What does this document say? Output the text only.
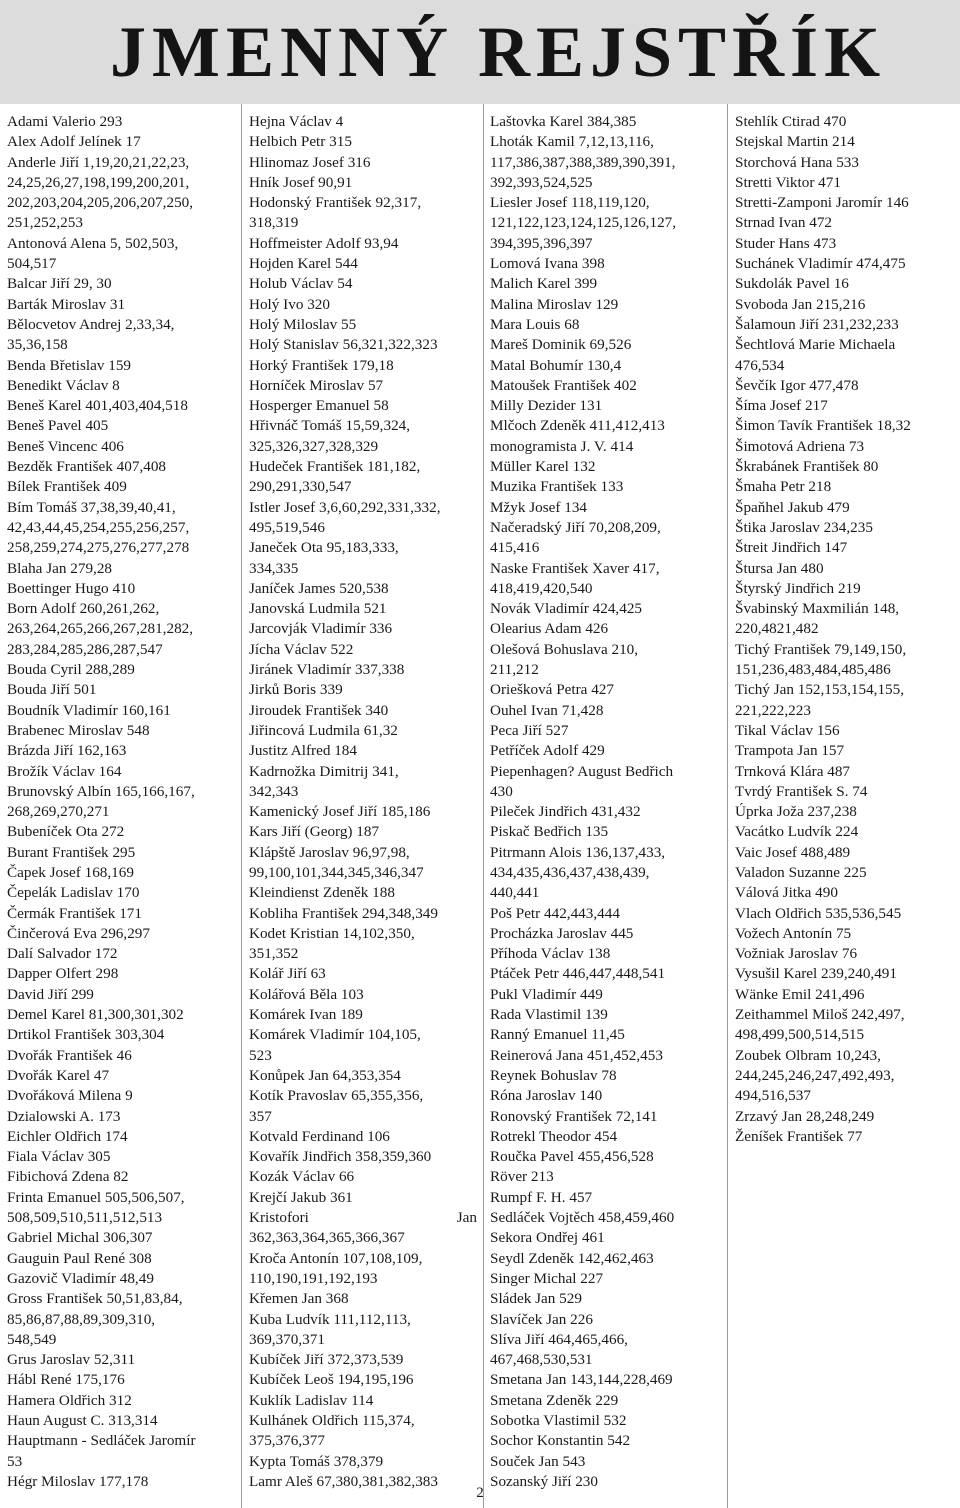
JMENNÝ REJSTŘÍK
Adami Valerio 293
Alex Adolf Jelínek 17
Anderle Jiří 1,19,20,21,22,23,
24,25,26,27,198,199,200,201,
202,203,204,205,206,207,250,
251,252,253
Antonová Alena 5, 502,503,
504,517
Balcar Jiří 29, 30
Barták Miroslav 31
Bělocvetov Andrej 2,33,34,
35,36,158
Benda Břetislav 159
Benedikt Václav 8
Beneš Karel 401,403,404,518
Beneš Pavel 405
Beneš Vincenc 406
Bezděk František 407,408
Bílek František 409
Bím Tomáš 37,38,39,40,41,
42,43,44,45,254,255,256,257,
258,259,274,275,276,277,278
Blaha Jan 279,28
Boettinger Hugo 410
Born Adolf 260,261,262,
263,264,265,266,267,281,282,
283,284,285,286,287,547
Bouda Cyril 288,289
Bouda Jiří 501
Boudník Vladimír 160,161
Brabenec Miroslav 548
Brázda Jiří 162,163
Brožík Václav 164
Brunovský Albín 165,166,167,
268,269,270,271
Bubeníček Ota 272
Burant František 295
Čapek Josef 168,169
Čepelák Ladislav 170
Čermák František 171
Činčerová Eva 296,297
Dalí Salvador 172
Dapper Olfert 298
David Jiří 299
Demel Karel 81,300,301,302
Drtikol František 303,304
Dvořák František 46
Dvořák Karel 47
Dvořáková Milena 9
Dzialowski A. 173
Eichler Oldřich 174
Fiala Václav 305
Fibichová Zdena 82
Frinta Emanuel 505,506,507,
508,509,510,511,512,513
Gabriel Michal 306,307
Gauguin Paul René 308
Gazovič Vladimír 48,49
Gross František 50,51,83,84,
85,86,87,88,89,309,310,
548,549
Grus Jaroslav 52,311
Hábl René 175,176
Hamera Oldřich 312
Haun August C. 313,314
Hauptmann - Sedláček Jaromír
53
Hégr Miloslav 177,178
Hejna Václav 4
Helbich Petr 315
Hlinomaz Josef 316
Hník Josef 90,91
Hodonský František 92,317,
318,319
Hoffmeister Adolf 93,94
Hojden Karel 544
Holub Václav 54
Holý Ivo 320
Holý Miloslav 55
Holý Stanislav 56,321,322,323
Horký František 179,18
Horníček Miroslav 57
Hosperger Emanuel 58
Hřivnáč Tomáš 15,59,324,
325,326,327,328,329
Hudeček František 181,182,
290,291,330,547
Istler Josef 3,6,60,292,331,332,
495,519,546
Janeček Ota 95,183,333,
334,335
Janíček James 520,538
Janovská Ludmila 521
Jarcovják Vladimír 336
Jícha Václav 522
Jiránek Vladimír 337,338
Jirků Boris 339
Jiroudek František 340
Jiřincová Ludmila 61,32
Justitz Alfred 184
Kadrnožka Dimitrij 341,
342,343
Kamenický Josef Jiří 185,186
Kars Jiří (Georg) 187
Klápště Jaroslav 96,97,98,
99,100,101,344,345,346,347
Kleindienst Zdeněk 188
Kobliha František 294,348,349
Kodet Kristian 14,102,350,
351,352
Kolář Jiří 63
Kolářová Běla 103
Komárek Ivan 189
Komárek Vladimír 104,105,
523
Konůpek Jan 64,353,354
Kotík Pravoslav 65,355,356,
357
Kotvald Ferdinand 106
Kovařík Jindřich 358,359,360
Kozák Václav 66
Krejčí Jakub 361
Kristofori	Jan
362,363,364,365,366,367
Kroča Antonín 107,108,109,
110,190,191,192,193
Křemen Jan 368
Kuba Ludvík 111,112,113,
369,370,371
Kubíček Jiří 372,373,539
Kubíček Leoš 194,195,196
Kuklík Ladislav 114
Kulhánek Oldřich 115,374,
375,376,377
Kypta Tomáš 378,379
Lamr Aleš 67,380,381,382,383
Laštovka Karel 384,385
Lhoták Kamil 7,12,13,116,
117,386,387,388,389,390,391,
392,393,524,525
Liesler Josef 118,119,120,
121,122,123,124,125,126,127,
394,395,396,397
Lomová Ivana 398
Malich Karel 399
Malina Miroslav 129
Mara Louis 68
Mareš Dominik 69,526
Matal Bohumír 130,4
Matoušek František 402
Milly Dezider 131
Mlčoch Zdeněk 411,412,413
monogramista J. V. 414
Müller Karel 132
Muzika František 133
Mžyk Josef 134
Načeradský Jiří 70,208,209,
415,416
Naske František Xaver 417,
418,419,420,540
Novák Vladimír 424,425
Olearius Adam 426
Olešová Bohuslava 210,
211,212
Oriešková Petra 427
Ouhel Ivan 71,428
Peca Jiří 527
Petříček Adolf 429
Piepenhagen? August Bedřich
430
Pileček Jindřich 431,432
Piskač Bedřich 135
Pitrmann Alois 136,137,433,
434,435,436,437,438,439,
440,441
Poš Petr 442,443,444
Procházka Jaroslav 445
Příhoda Václav 138
Ptáček Petr 446,447,448,541
Pukl Vladimír 449
Rada Vlastimil 139
Ranný Emanuel 11,45
Reinerová Jana 451,452,453
Reynek Bohuslav 78
Róna Jaroslav 140
Ronovský František 72,141
Rotrekl Theodor 454
Roučka Pavel 455,456,528
Röver 213
Rumpf F. H. 457
Sedláček Vojtěch 458,459,460
Sekora Ondřej 461
Seydl Zdeněk 142,462,463
Singer Michal 227
Sládek Jan 529
Slavíček Jan 226
Slíva Jiří 464,465,466,
467,468,530,531
Smetana Jan 143,144,228,469
Smetana Zdeněk 229
Sobotka Vlastimil 532
Sochor Konstantin 542
Souček Jan 543
Sozanský Jiří 230
Stehlík Ctirad 470
Stejskal Martin 214
Storchová Hana 533
Stretti Viktor 471
Stretti-Zamponi Jaromír 146
Strnad Ivan 472
Studer Hans 473
Suchánek Vladimír 474,475
Sukdolák Pavel 16
Svoboda Jan 215,216
Šalamoun Jiří 231,232,233
Šechtlová Marie Michaela
476,534
Ševčík Igor 477,478
Šíma Josef 217
Šimon Tavík František 18,32
Šimotová Adriena 73
Škrabánek František 80
Šmaha Petr 218
Špaňhel Jakub 479
Štika Jaroslav 234,235
Štreit Jindřich 147
Štursa Jan 480
Štyrský Jindřich 219
Švabinský Maxmilián 148,
220,4821,482
Tichý František 79,149,150,
151,236,483,484,485,486
Tichý Jan 152,153,154,155,
221,222,223
Tikal Václav 156
Trampota Jan 157
Trnková Klára 487
Tvrdý František S. 74
Úprka Joža 237,238
Vacátko Ludvík 224
Vaic Josef 488,489
Valadon Suzanne 225
Válová Jitka 490
Vlach Oldřich 535,536,545
Vožech Antonín 75
Vožniak Jaroslav 76
Vysušil Karel 239,240,491
Wänke Emil 241,496
Zeithammel Miloš 242,497,
498,499,500,514,515
Zoubek Olbram 10,243,
244,245,246,247,492,493,
494,516,537
Zrzavý Jan 28,248,249
Ženíšek František 77
2
